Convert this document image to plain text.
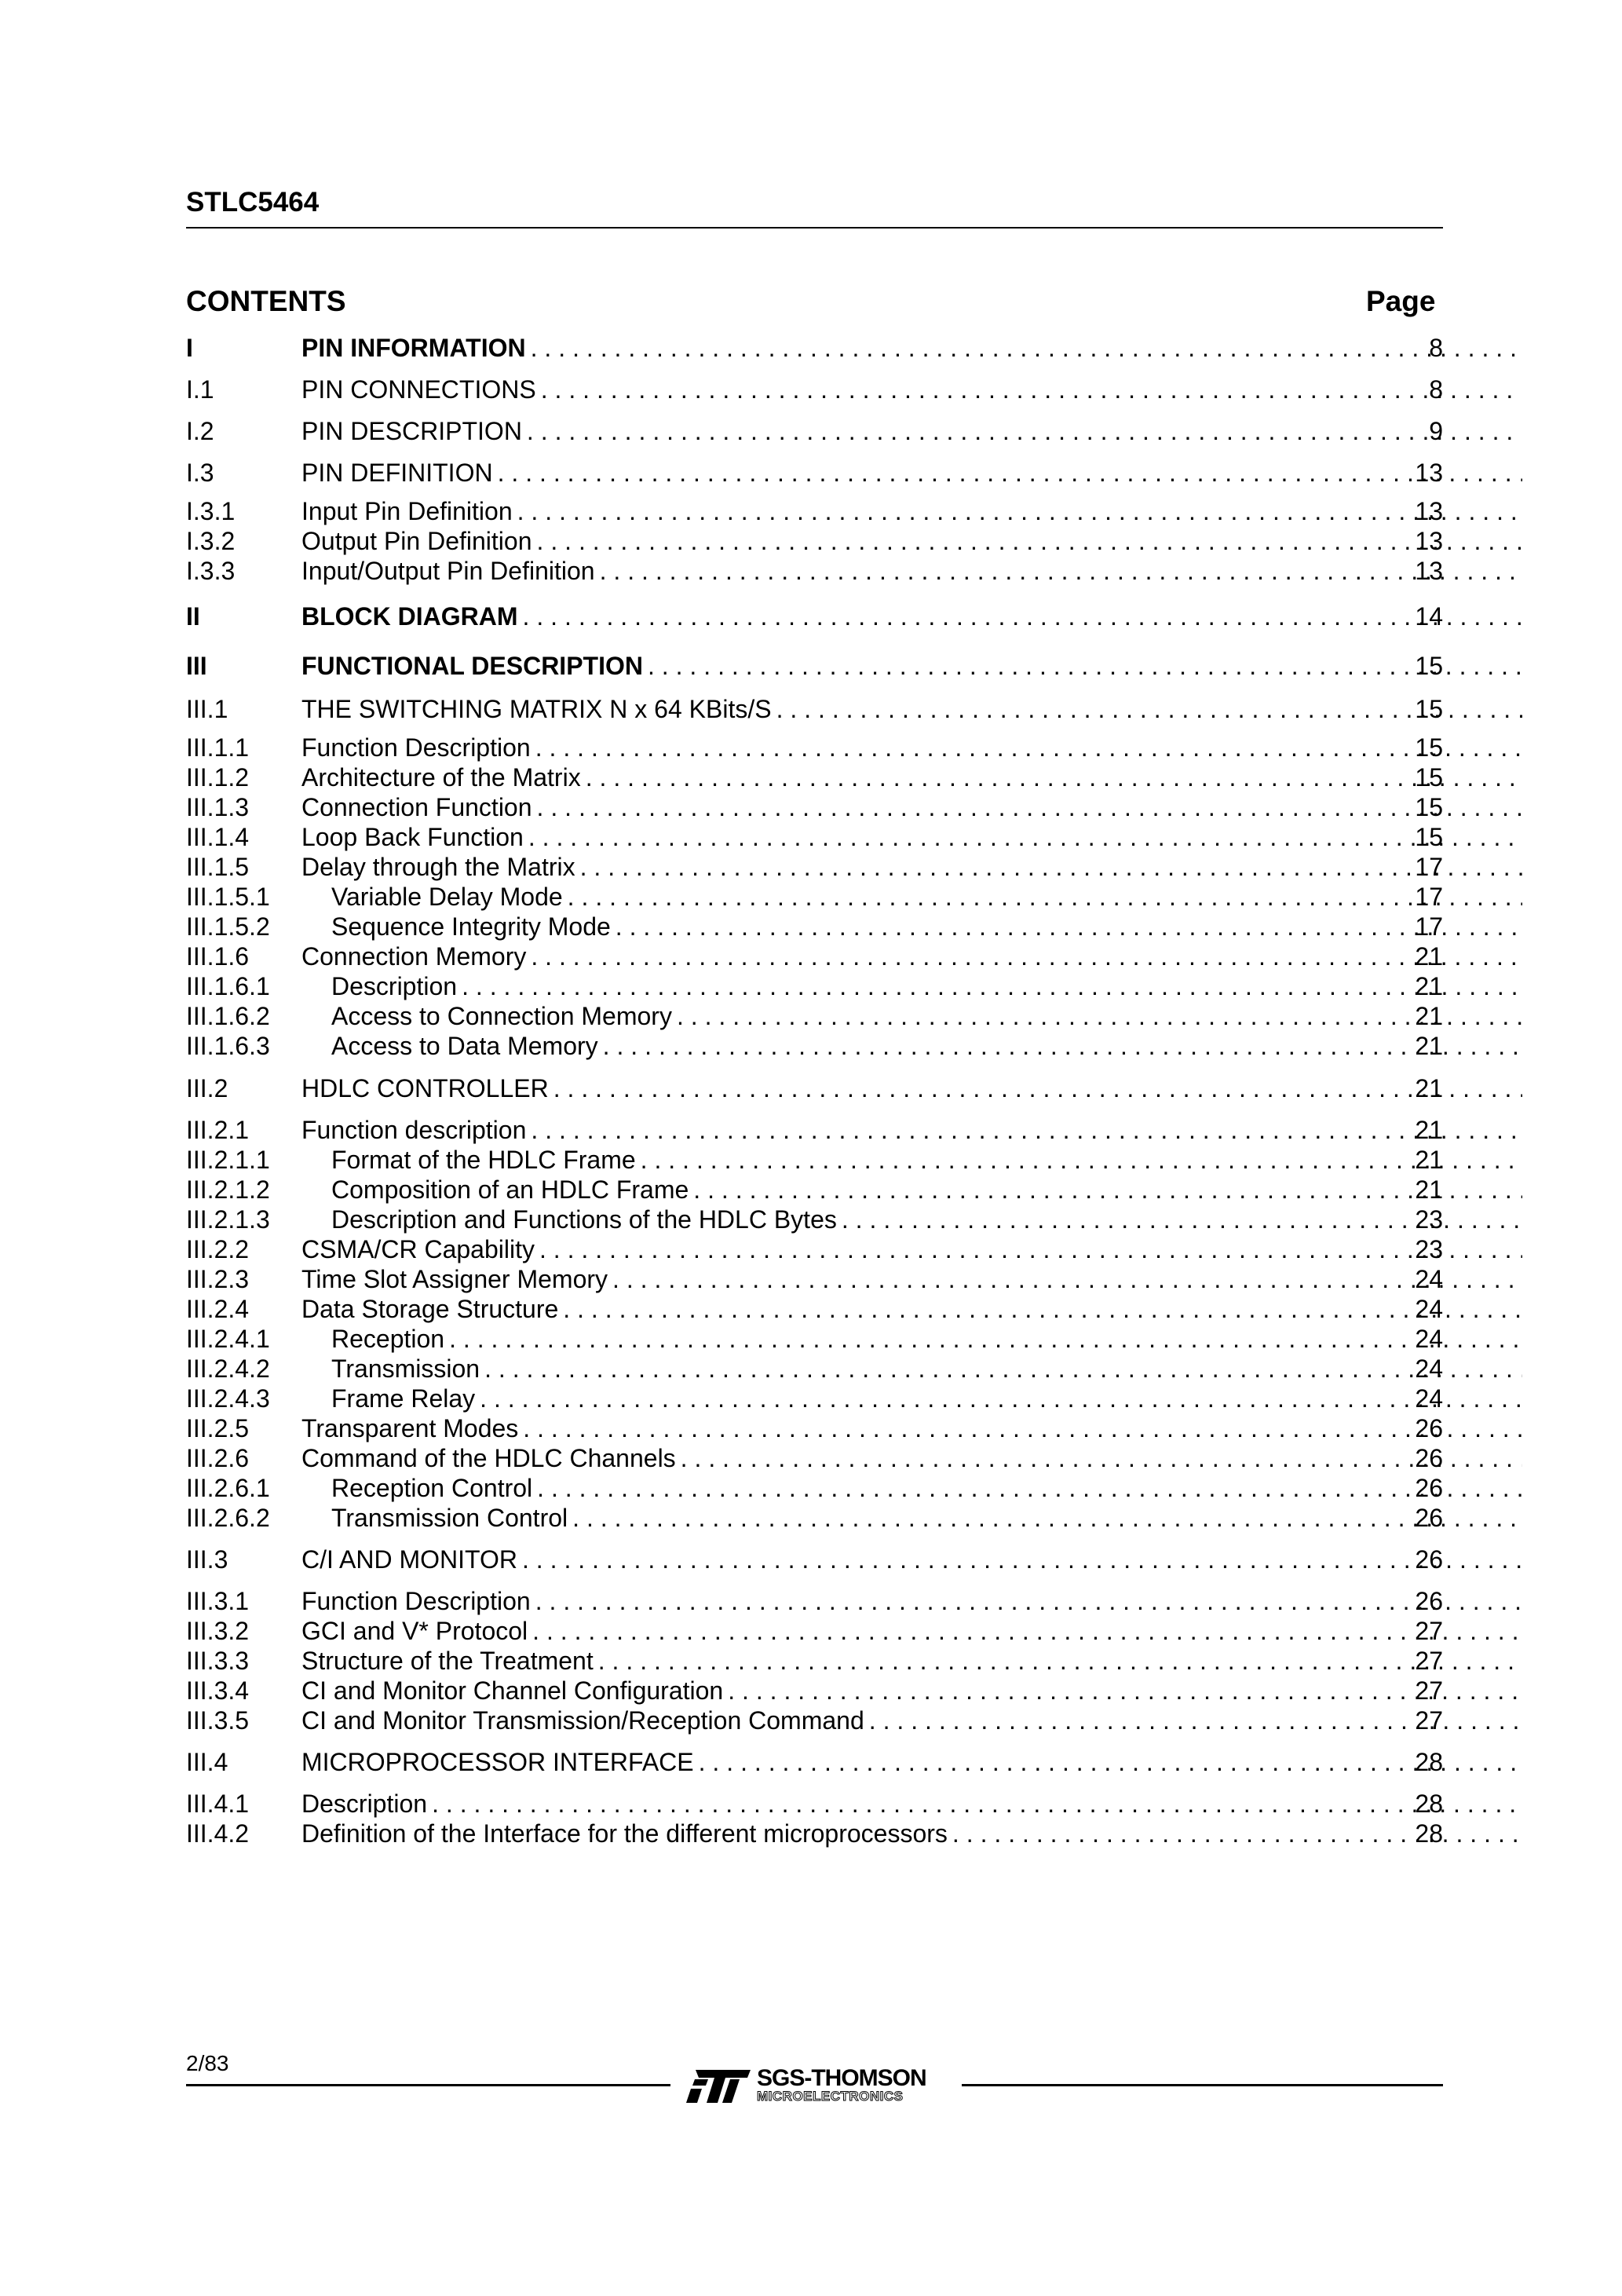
STLC5464
CONTENTS	Page
I	PIN INFORMATION . . .	8
I.1	PIN CONNECTIONS . . .	8
I.2	PIN DESCRIPTION . . .	9
I.3	PIN DEFINITION . . .	13
I.3.1	Input Pin Definition . . .	13
I.3.2	Output Pin Definition . . .	13
I.3.3	Input/Output Pin Definition . . .	13
II	BLOCK DIAGRAM . . .	14
III	FUNCTIONAL DESCRIPTION . . .	15
III.1	THE SWITCHING MATRIX N x 64 KBits/S . . .	15
III.1.1 Function Description . . .	15
III.1.2 Architecture of the Matrix . . .	15
III.1.3 Connection Function . . .	15
III.1.4 Loop Back Function . . .	15
III.1.5 Delay through the Matrix . . .	17
III.1.5.1 Variable Delay Mode . . .	17
III.1.5.2 Sequence Integrity Mode . . .	17
III.1.6 Connection Memory . . .	21
III.1.6.1 Description . . .	21
III.1.6.2 Access to Connection Memory . . .	21
III.1.6.3 Access to Data Memory . . .	21
III.2	HDLC CONTROLLER . . .	21
III.2.1 Function description . . .	21
III.2.1.1 Format of the HDLC Frame . . .	21
III.2.1.2 Composition of an HDLC Frame . . .	21
III.2.1.3 Description and Functions of the HDLC Bytes . . .	23
III.2.2 CSMA/CR Capability . . .	23
III.2.3 Time Slot Assigner Memory . . .	24
III.2.4 Data Storage Structure . . .	24
III.2.4.1 Reception . . .	24
III.2.4.2 Transmission . . .	24
III.2.4.3 Frame Relay . . .	24
III.2.5 Transparent Modes . . .	26
III.2.6 Command of the HDLC Channels . . .	26
III.2.6.1 Reception Control . . .	26
III.2.6.2 Transmission Control . . .	26
III.3	C/I AND MONITOR . . .	26
III.3.1 Function Description . . .	26
III.3.2 GCI and V* Protocol . . .	27
III.3.3 Structure of the Treatment . . .	27
III.3.4 CI and Monitor Channel Configuration . . .	27
III.3.5 CI and Monitor Transmission/Reception Command . . .	27
III.4	MICROPROCESSOR INTERFACE . . .	28
III.4.1 Description . . .	28
III.4.2 Definition of the Interface for the different microprocessors . . .	28
2/83
SGS-THOMSON
MICROELECTRONICS
